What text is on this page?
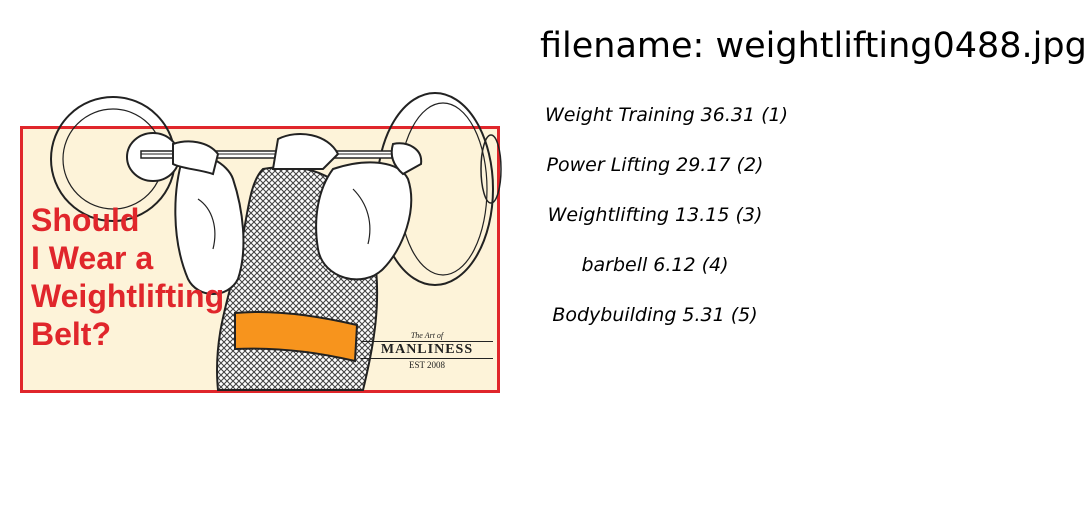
filename: weightlifting0488.jpg
Weight Training 36.31 (1)
Power Lifting 29.17 (2)
Weightlifting 13.15 (3)
barbell 6.12 (4)
Bodybuilding 5.31 (5)
Should
I Wear a
Weightlifting
Belt?	The Art of
MANLINESS
EST 2008
